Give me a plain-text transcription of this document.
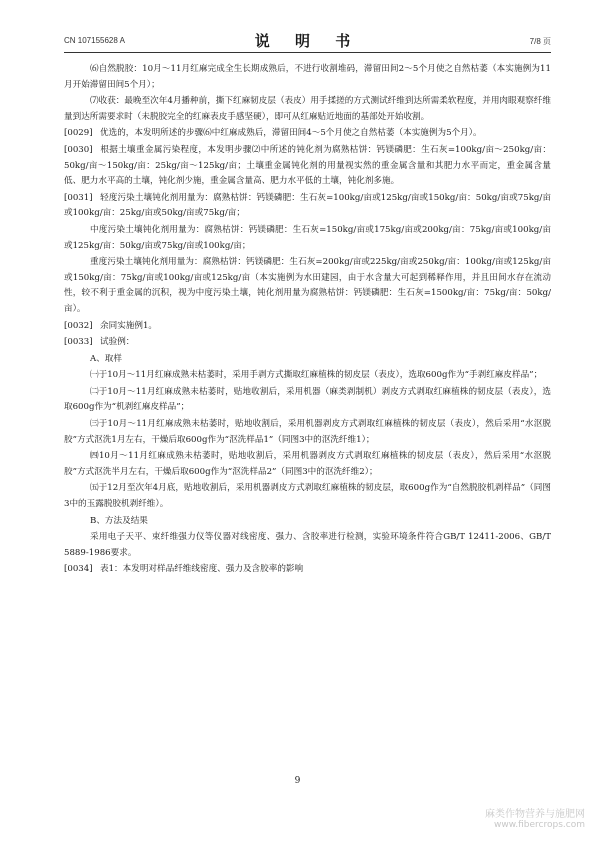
CN 107155628 A	说 明 书	7/8 页

⑹自然脱胶：10月～11月红麻完成全生长期成熟后，不进行收割堆码，滞留田间2～5个月使之自然枯萎（本实施例为11月开始滞留田间5个月）；

⑺收获：最晚至次年4月播种前，撕下红麻韧皮层（表皮）用手揉搓的方式测试纤维到达所需柔软程度，并用肉眼观察纤维量到达所需要求时（未脱胶完全的红麻表皮手感坚硬），即可从红麻贴近地面的基部处开始收割。

[0029] 优选的，本发明所述的步骤⑹中红麻成熟后，滞留田间4～5个月使之自然枯萎（本实施例为5个月）。

[0030] 根据土壤重金属污染程度，本发明步骤⑵中所述的钝化剂为腐熟枯饼：钙镁磷肥：生石灰=100kg/亩～250kg/亩：50kg/亩～150kg/亩：25kg/亩～125kg/亩；土壤重金属钝化剂的用量视实然的重金属含量和其肥力水平而定，重金属含量低、肥力水平高的土壤，钝化剂少施，重金属含量高、肥力水平低的土壤，钝化剂多施。

[0031] 轻度污染土壤钝化剂用量为：腐熟枯饼：钙镁磷肥：生石灰=100kg/亩或125kg/亩或150kg/亩：50kg/亩或75kg/亩或100kg/亩：25kg/亩或50kg/亩或75kg/亩；

中度污染土壤钝化剂用量为：腐熟枯饼：钙镁磷肥：生石灰=150kg/亩或175kg/亩或200kg/亩：75kg/亩或100kg/亩或125kg/亩：50kg/亩或75kg/亩或100kg/亩；

重度污染土壤钝化剂用量为：腐熟枯饼：钙镁磷肥：生石灰=200kg/亩或225kg/亩或250kg/亩：100kg/亩或125kg/亩或150kg/亩：75kg/亩或100kg/亩或125kg/亩（本实施例为水田建园，由于水含量大可起到稀释作用，并且田间水存在流动性，较不利于重金属的沉积，视为中度污染土壤，钝化剂用量为腐熟枯饼：钙镁磷肥：生石灰=1500kg/亩：75kg/亩：50kg/亩）。

[0032] 余同实施例1。

[0033] 试验例：

A、取样

㈠于10月～11月红麻成熟未枯萎时，采用手剥方式撕取红麻植株的韧皮层（表皮），选取600g作为“手剥红麻皮样品”；

㈡于10月～11月红麻成熟未枯萎时，贴地收割后，采用机器（麻类剥制机）剥皮方式剥取红麻植株的韧皮层（表皮），选取600g作为“机剥红麻皮样品”；

㈢于10月～11月红麻成熟未枯萎时，贴地收割后，采用机器剥皮方式剥取红麻植株的韧皮层（表皮），然后采用“水沤脱胶”方式沤洗1月左右，干燥后取600g作为“沤洗样品1”（同图3中的沤洗纤维1）；

㈣10月～11月红麻成熟未枯萎时，贴地收割后，采用机器剥皮方式剥取红麻植株的韧皮层（表皮），然后采用“水沤脱胶”方式沤洗半月左右，干燥后取600g作为“沤洗样品2”（同图3中的沤洗纤维2）；

㈤于12月至次年4月底，贴地收割后，采用机器剥皮方式剥取红麻植株的韧皮层，取600g作为“自然脱胶机剥样品”（同图3中的玉露脱胶机剥纤维）。

B、方法及结果

采用电子天平、束纤维强力仪等仪器对线密度、强力、含胶率进行检测，实验环境条件符合GB/T 12411-2006、GB/T 5889-1986要求。

[0034] 表1：本发明对样品纤维线密度、强力及含胶率的影响

9
麻类作物营养与施肥网
www.fibercrops.com
